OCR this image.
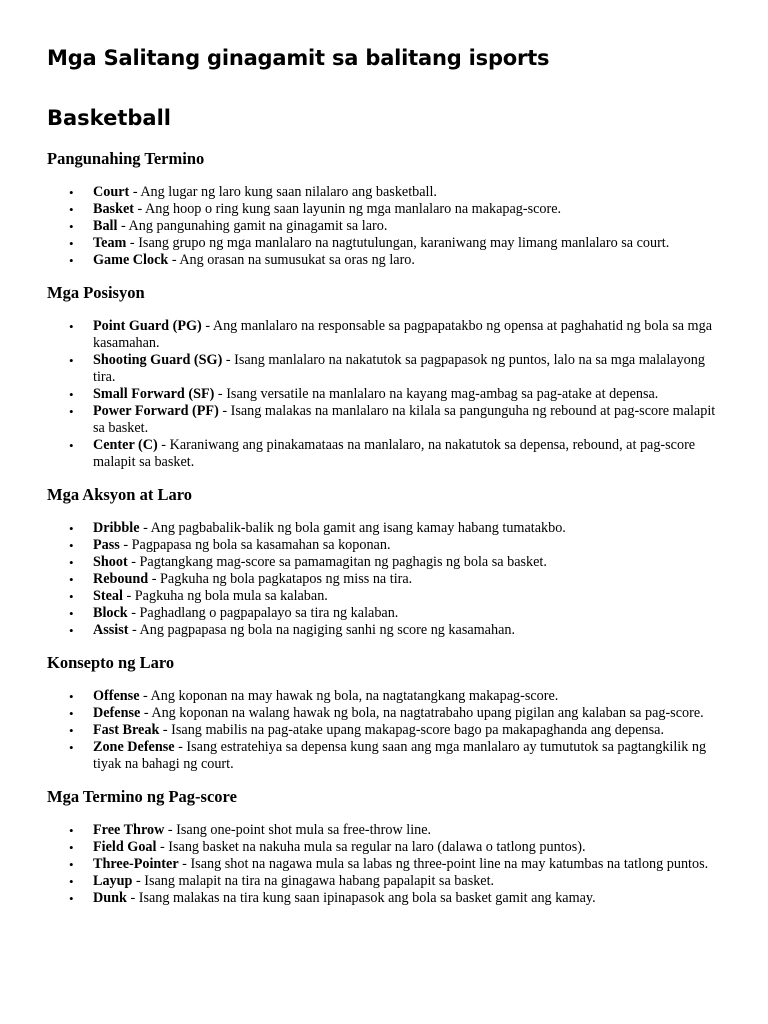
Mga Salitang ginagamit sa balitang isports
Basketball
Pangunahing Termino
•	Court - Ang lugar ng laro kung saan nilalaro ang basketball.
•	Basket - Ang hoop o ring kung saan layunin ng mga manlalaro na makapag-score.
•	Ball - Ang pangunahing gamit na ginagamit sa laro.
•	Team - Isang grupo ng mga manlalaro na nagtutulungan, karaniwang may limang manlalaro sa court.
•	Game Clock - Ang orasan na sumusukat sa oras ng laro.
Mga Posisyon
•	Point Guard (PG) - Ang manlalaro na responsable sa pagpapatakbo ng opensa at paghahatid ng bola sa mga kasamahan.
•	Shooting Guard (SG) - Isang manlalaro na nakatutok sa pagpapasok ng puntos, lalo na sa mga malalayong tira.
•	Small Forward (SF) - Isang versatile na manlalaro na kayang mag-ambag sa pag-atake at depensa.
•	Power Forward (PF) - Isang malakas na manlalaro na kilala sa pangunguha ng rebound at pag-score malapit sa basket.
•	Center (C) - Karaniwang ang pinakamataas na manlalaro, na nakatutok sa depensa, rebound, at pag-score malapit sa basket.
Mga Aksyon at Laro
•	Dribble - Ang pagbabalik-balik ng bola gamit ang isang kamay habang tumatakbo.
•	Pass - Pagpapasa ng bola sa kasamahan sa koponan.
•	Shoot - Pagtangkang mag-score sa pamamagitan ng paghagis ng bola sa basket.
•	Rebound - Pagkuha ng bola pagkatapos ng miss na tira.
•	Steal - Pagkuha ng bola mula sa kalaban.
•	Block - Paghadlang o pagpapalayo sa tira ng kalaban.
•	Assist - Ang pagpapasa ng bola na nagiging sanhi ng score ng kasamahan.
Konsepto ng Laro
•	Offense - Ang koponan na may hawak ng bola, na nagtatangkang makapag-score.
•	Defense - Ang koponan na walang hawak ng bola, na nagtatrabaho upang pigilan ang kalaban sa pag-score.
•	Fast Break - Isang mabilis na pag-atake upang makapag-score bago pa makapaghanda ang depensa.
•	Zone Defense - Isang estratehiya sa depensa kung saan ang mga manlalaro ay tumututok sa pagtangkilik ng tiyak na bahagi ng court.
Mga Termino ng Pag-score
•	Free Throw - Isang one-point shot mula sa free-throw line.
•	Field Goal - Isang basket na nakuha mula sa regular na laro (dalawa o tatlong puntos).
•	Three-Pointer - Isang shot na nagawa mula sa labas ng three-point line na may katumbas na tatlong puntos.
•	Layup - Isang malapit na tira na ginagawa habang papalapit sa basket.
•	Dunk - Isang malakas na tira kung saan ipinapasok ang bola sa basket gamit ang kamay.
